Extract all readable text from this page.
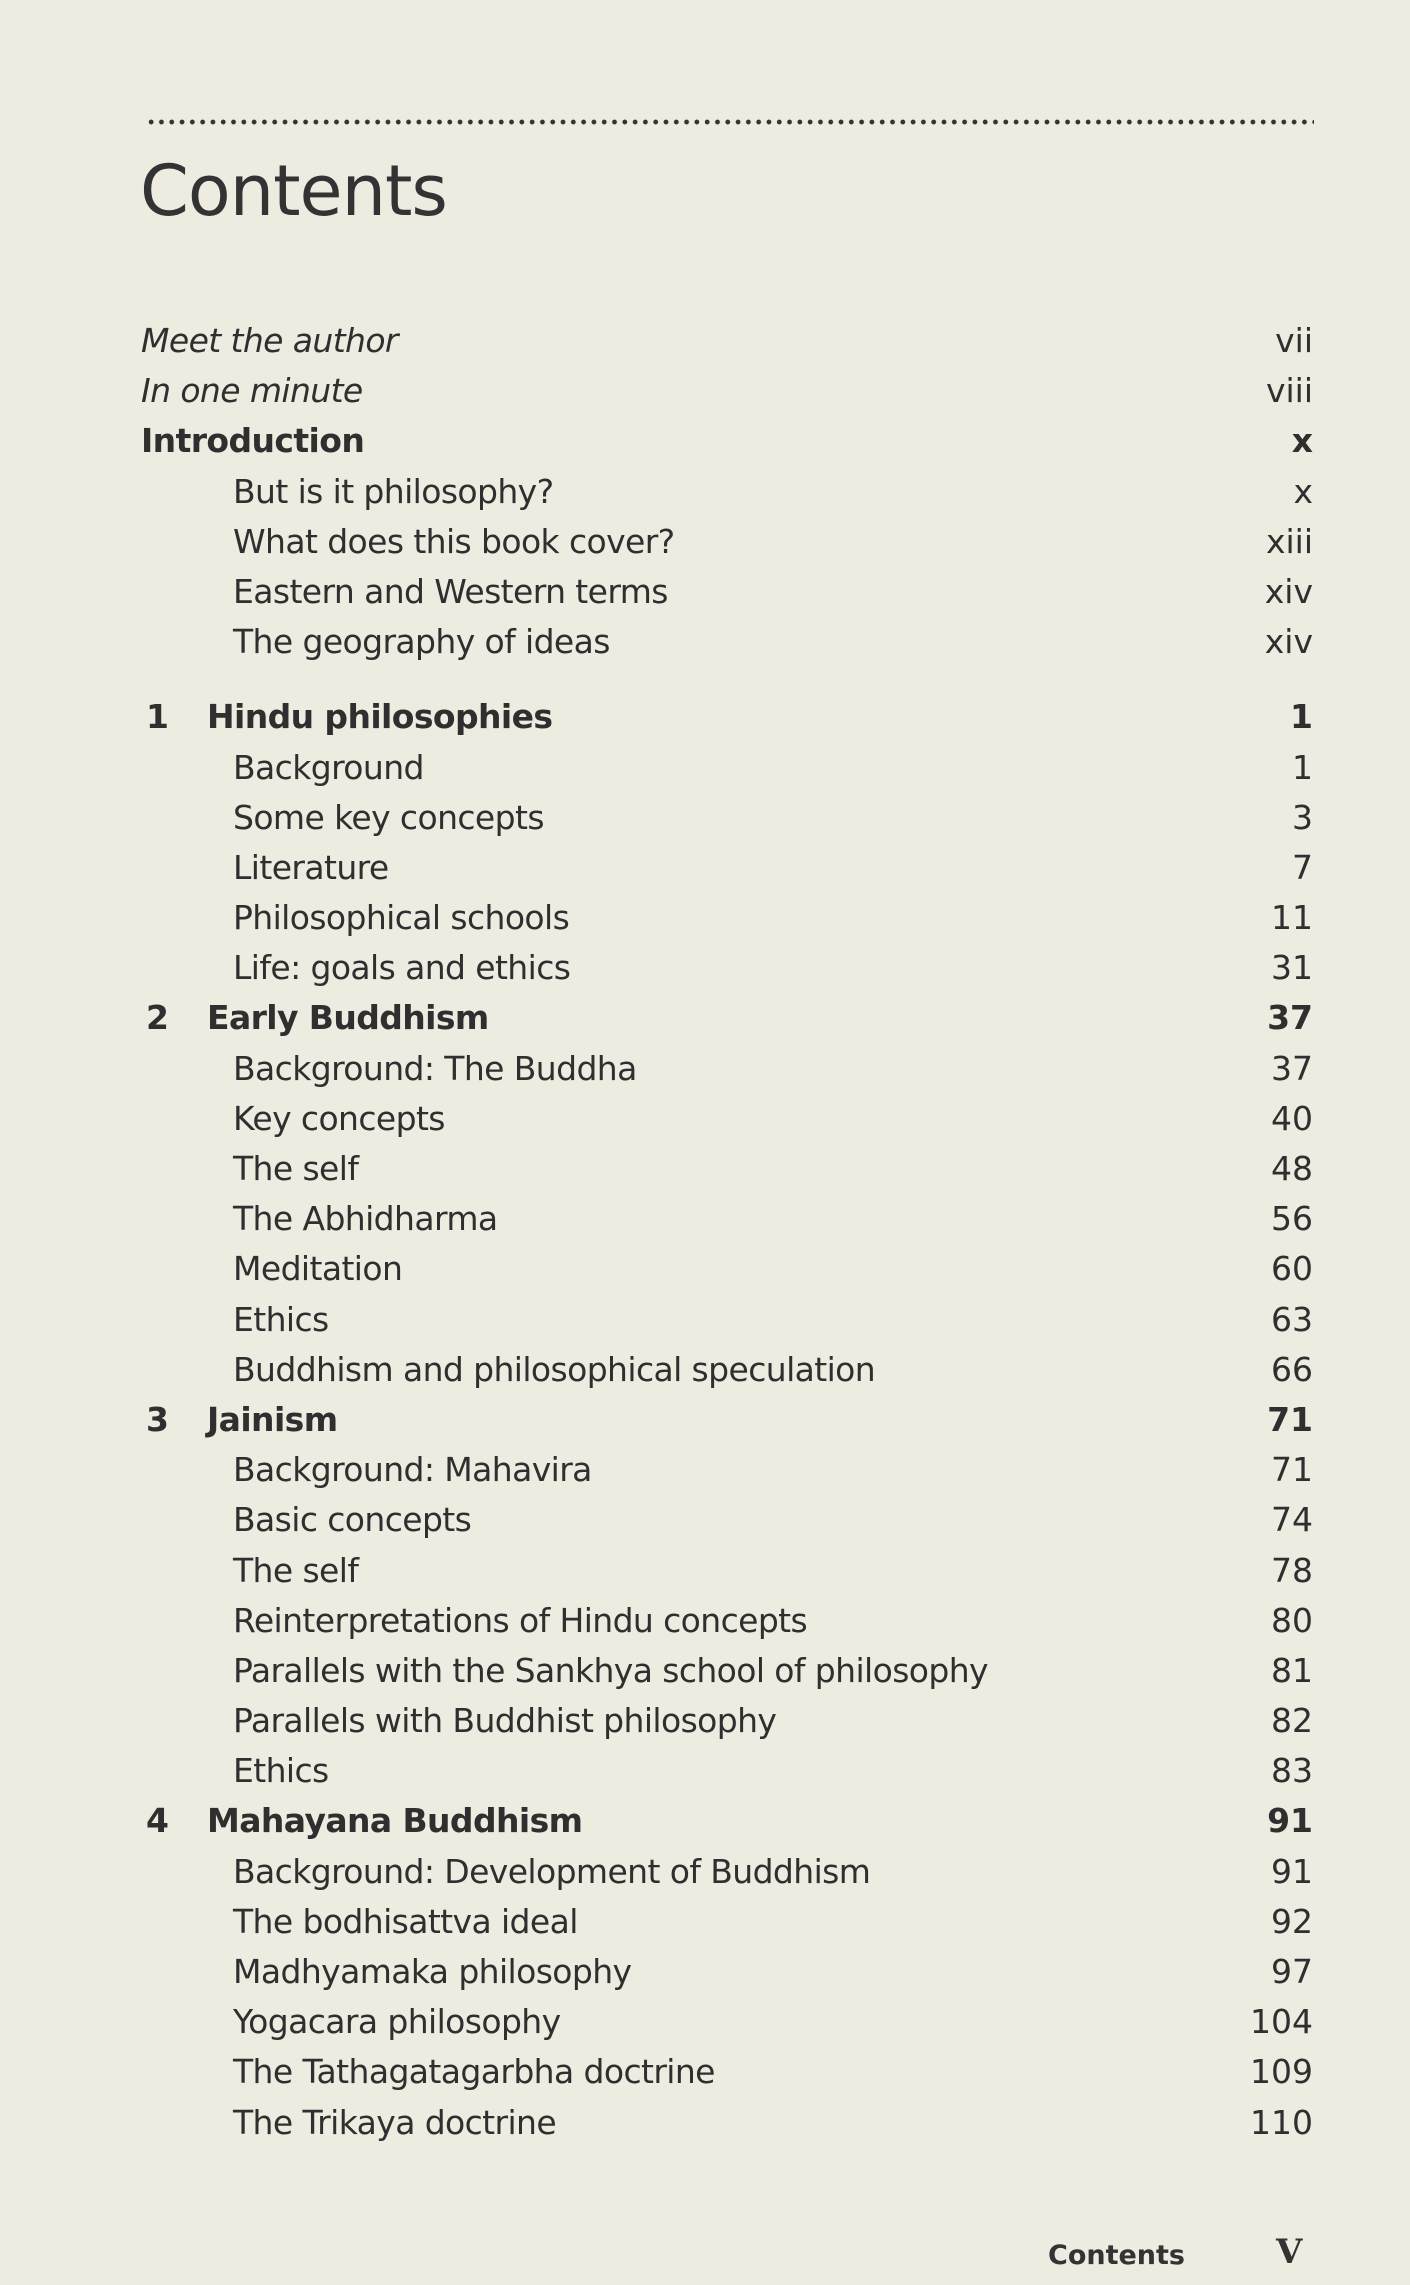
Contents
Meet the author	vii
In one minute	viii
Introduction	x
But is it philosophy?	x
What does this book cover?	xiii
Eastern and Western terms	xiv
The geography of ideas	xiv
1 Hindu philosophies	1
Background	1
Some key concepts	3
Literature	7
Philosophical schools	11
Life: goals and ethics	31
2 Early Buddhism	37
Background: The Buddha	37
Key concepts	40
The self	48
The Abhidharma	56
Meditation	60
Ethics	63
Buddhism and philosophical speculation	66
3 Jainism	71
Background: Mahavira	71
Basic concepts	74
The self	78
Reinterpretations of Hindu concepts	80
Parallels with the Sankhya school of philosophy	81
Parallels with Buddhist philosophy	82
Ethics	83
4 Mahayana Buddhism	91
Background: Development of Buddhism	91
The bodhisattva ideal	92
Madhyamaka philosophy	97
Yogacara philosophy	104
The Tathagatagarbha doctrine	109
The Trikaya doctrine	110
Contents	V
